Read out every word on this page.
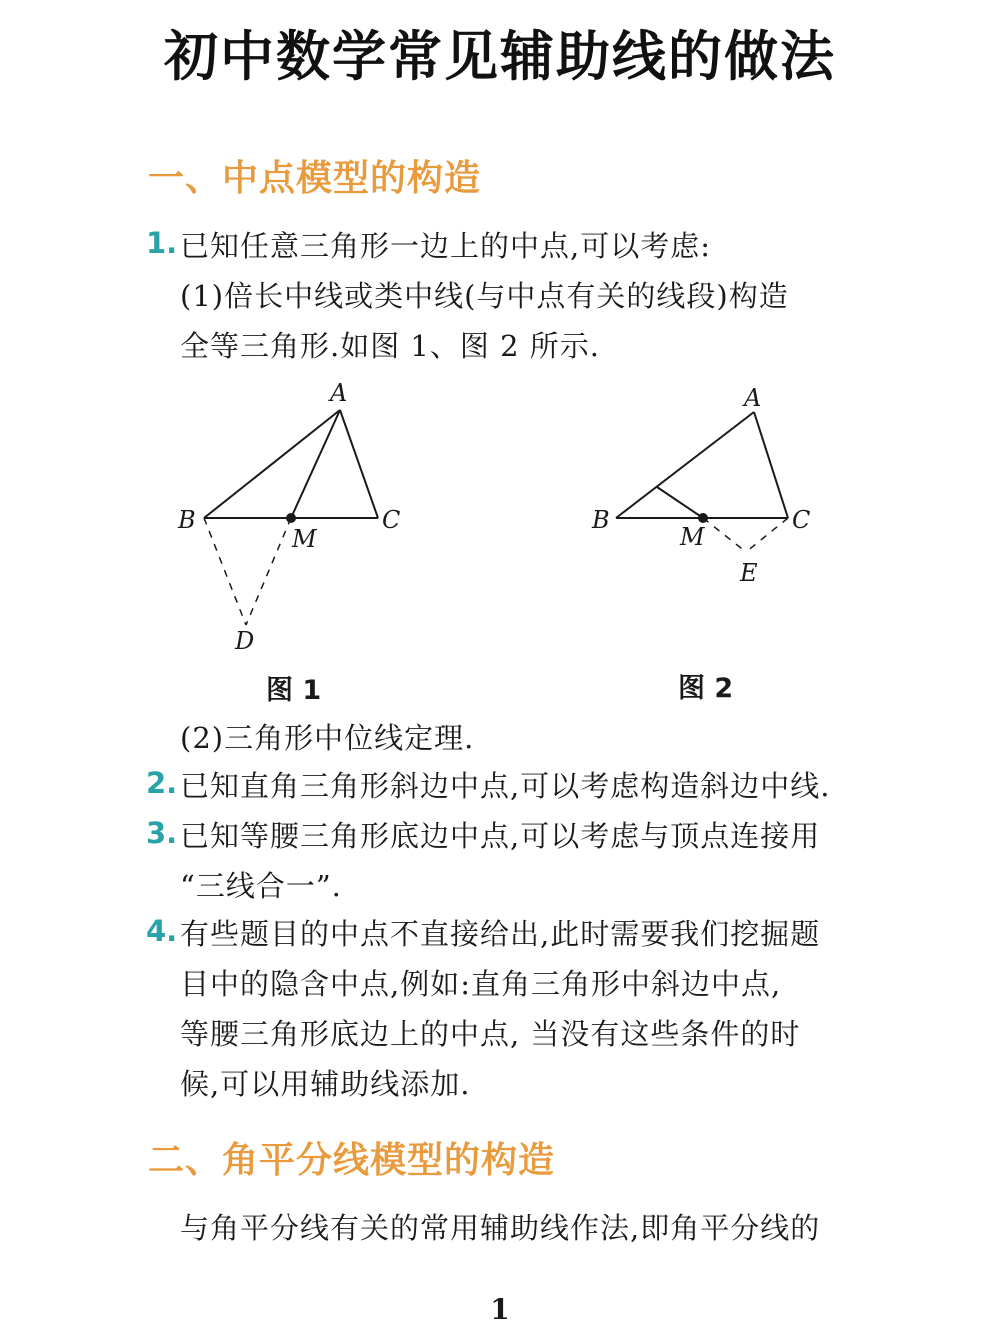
初中数学常见辅助线的做法
一、中点模型的构造
1. 已知任意三角形一边上的中点,可以考虑:
(1)倍长中线或类中线(与中点有关的线段)构造
全等三角形.如图 1、图 2 所示.
A
B	C
M
D
图 1
A
B	C
M
E
图 2
(2)三角形中位线定理.
2. 已知直角三角形斜边中点,可以考虑构造斜边中线.
3. 已知等腰三角形底边中点,可以考虑与顶点连接用
“三线合一”.
4. 有些题目的中点不直接给出,此时需要我们挖掘题
目中的隐含中点,例如:直角三角形中斜边中点,
等腰三角形底边上的中点, 当没有这些条件的时
候,可以用辅助线添加.
二、角平分线模型的构造
与角平分线有关的常用辅助线作法,即角平分线的
1
